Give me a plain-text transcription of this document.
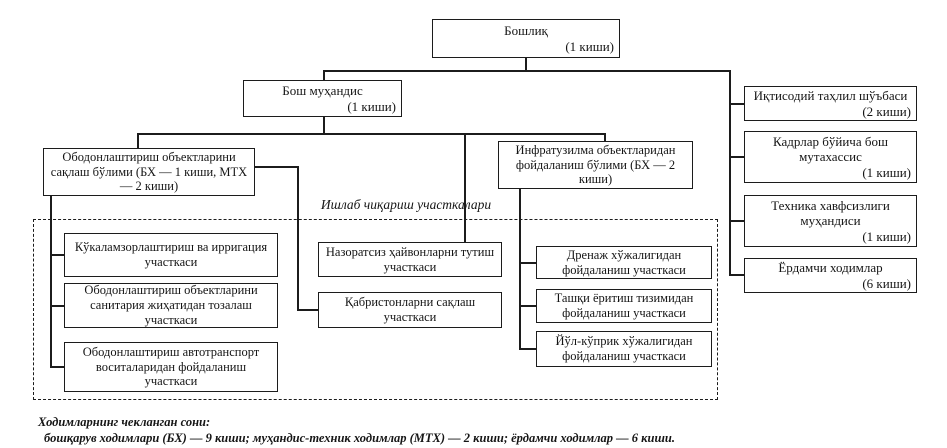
Ишлаб чиқариш участкалари
Бошлиқ
(1 киши)
Бош муҳандис
(1 киши)
Ободонлаштириш объектларини сақлаш бўлими (БХ — 1 киши, МТХ — 2 киши)
Инфратузилма объектларидан фойдаланиш бўлими (БХ — 2 киши)
Иқтисодий таҳлил шўъбаси
(2 киши)
Кадрлар бўйича бош мутахассис
(1 киши)
Техника хавфсизлиги муҳандиси
(1 киши)
Ёрдамчи ходимлар
(6 киши)
Кўкаламзорлаштириш ва ирригация участкаси
Ободонлаштириш объектларини санитария жиҳатидан тозалаш участкаси
Ободонлаштириш автотранспорт воситаларидан фойдаланиш участкаси
Назоратсиз ҳайвонларни тутиш участкаси
Қабристонларни сақлаш участкаси
Дренаж хўжалигидан фойдаланиш участкаси
Ташқи ёритиш тизимидан фойдаланиш участкаси
Йўл-кўприк хўжалигидан фойдаланиш участкаси
Ходимларнинг чекланган сони:
бошқарув ходимлари (БХ) — 9 киши; муҳандис-техник ходимлар (МТХ) — 2 киши; ёрдамчи ходимлар — 6 киши.
